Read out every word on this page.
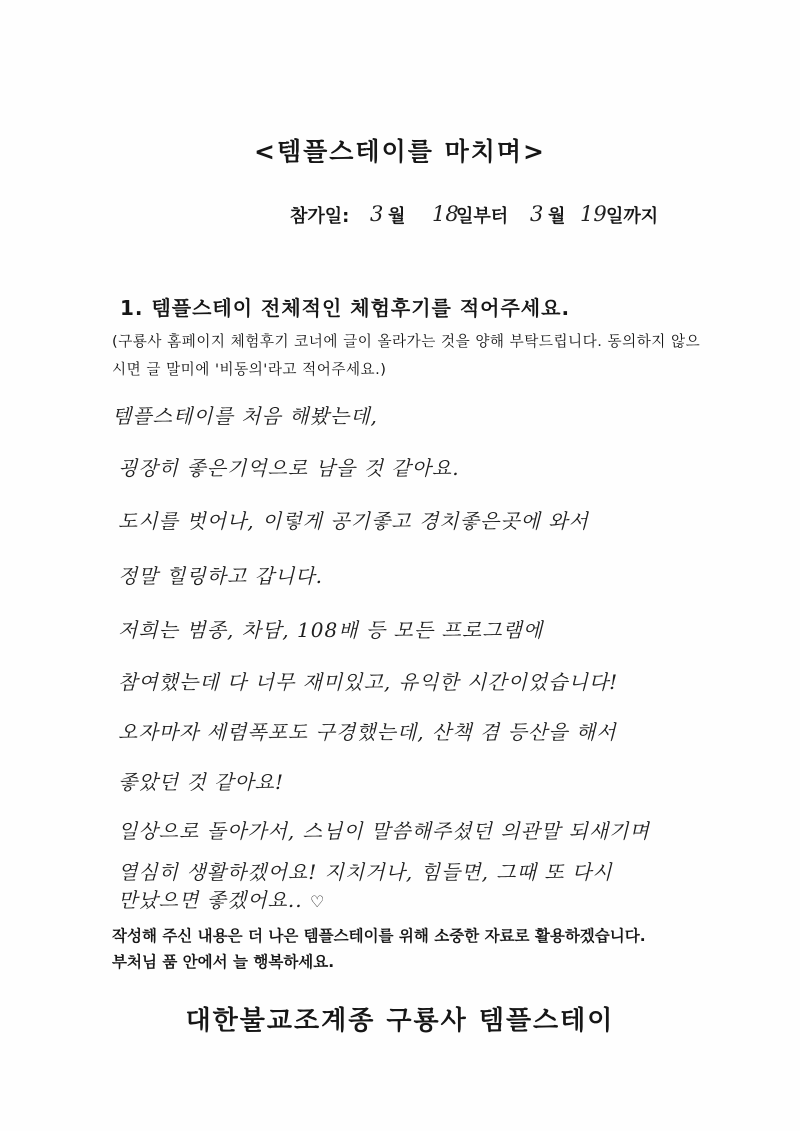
<템플스테이를 마치며>
참가일: 3 월 18
일부터 3 월 19 일까지
1. 템플스테이 전체적인 체험후기를 적어주세요.
(구룡사 홈페이지 체험후기 코너에 글이 올라가는 것을 양해 부탁드립니다. 동의하지 않으시면 글 말미에 '비동의'라고 적어주세요.)
템플스테이를 처음 해봤는데,
굉장히 좋은기억으로 남을 것 같아요.
도시를 벗어나, 이렇게 공기좋고 경치좋은곳에 와서
정말 힐링하고 갑니다.
저희는 범종, 차담, 108배 등 모든 프로그램에
참여했는데 다 너무 재미있고, 유익한 시간이었습니다!
오자마자 세렴폭포도 구경했는데, 산책 겸 등산을 해서
좋았던 것 같아요!
일상으로 돌아가서, 스님이 말씀해주셨던 의관말 되새기며
열심히 생활하겠어요! 지치거나, 힘들면, 그때 또 다시
만났으면 좋겠어요.. ♡
작성해 주신 내용은 더 나은 템플스테이를 위해 소중한 자료로 활용하겠습니다.
부처님 품 안에서 늘 행복하세요.
대한불교조계종 구룡사 템플스테이
